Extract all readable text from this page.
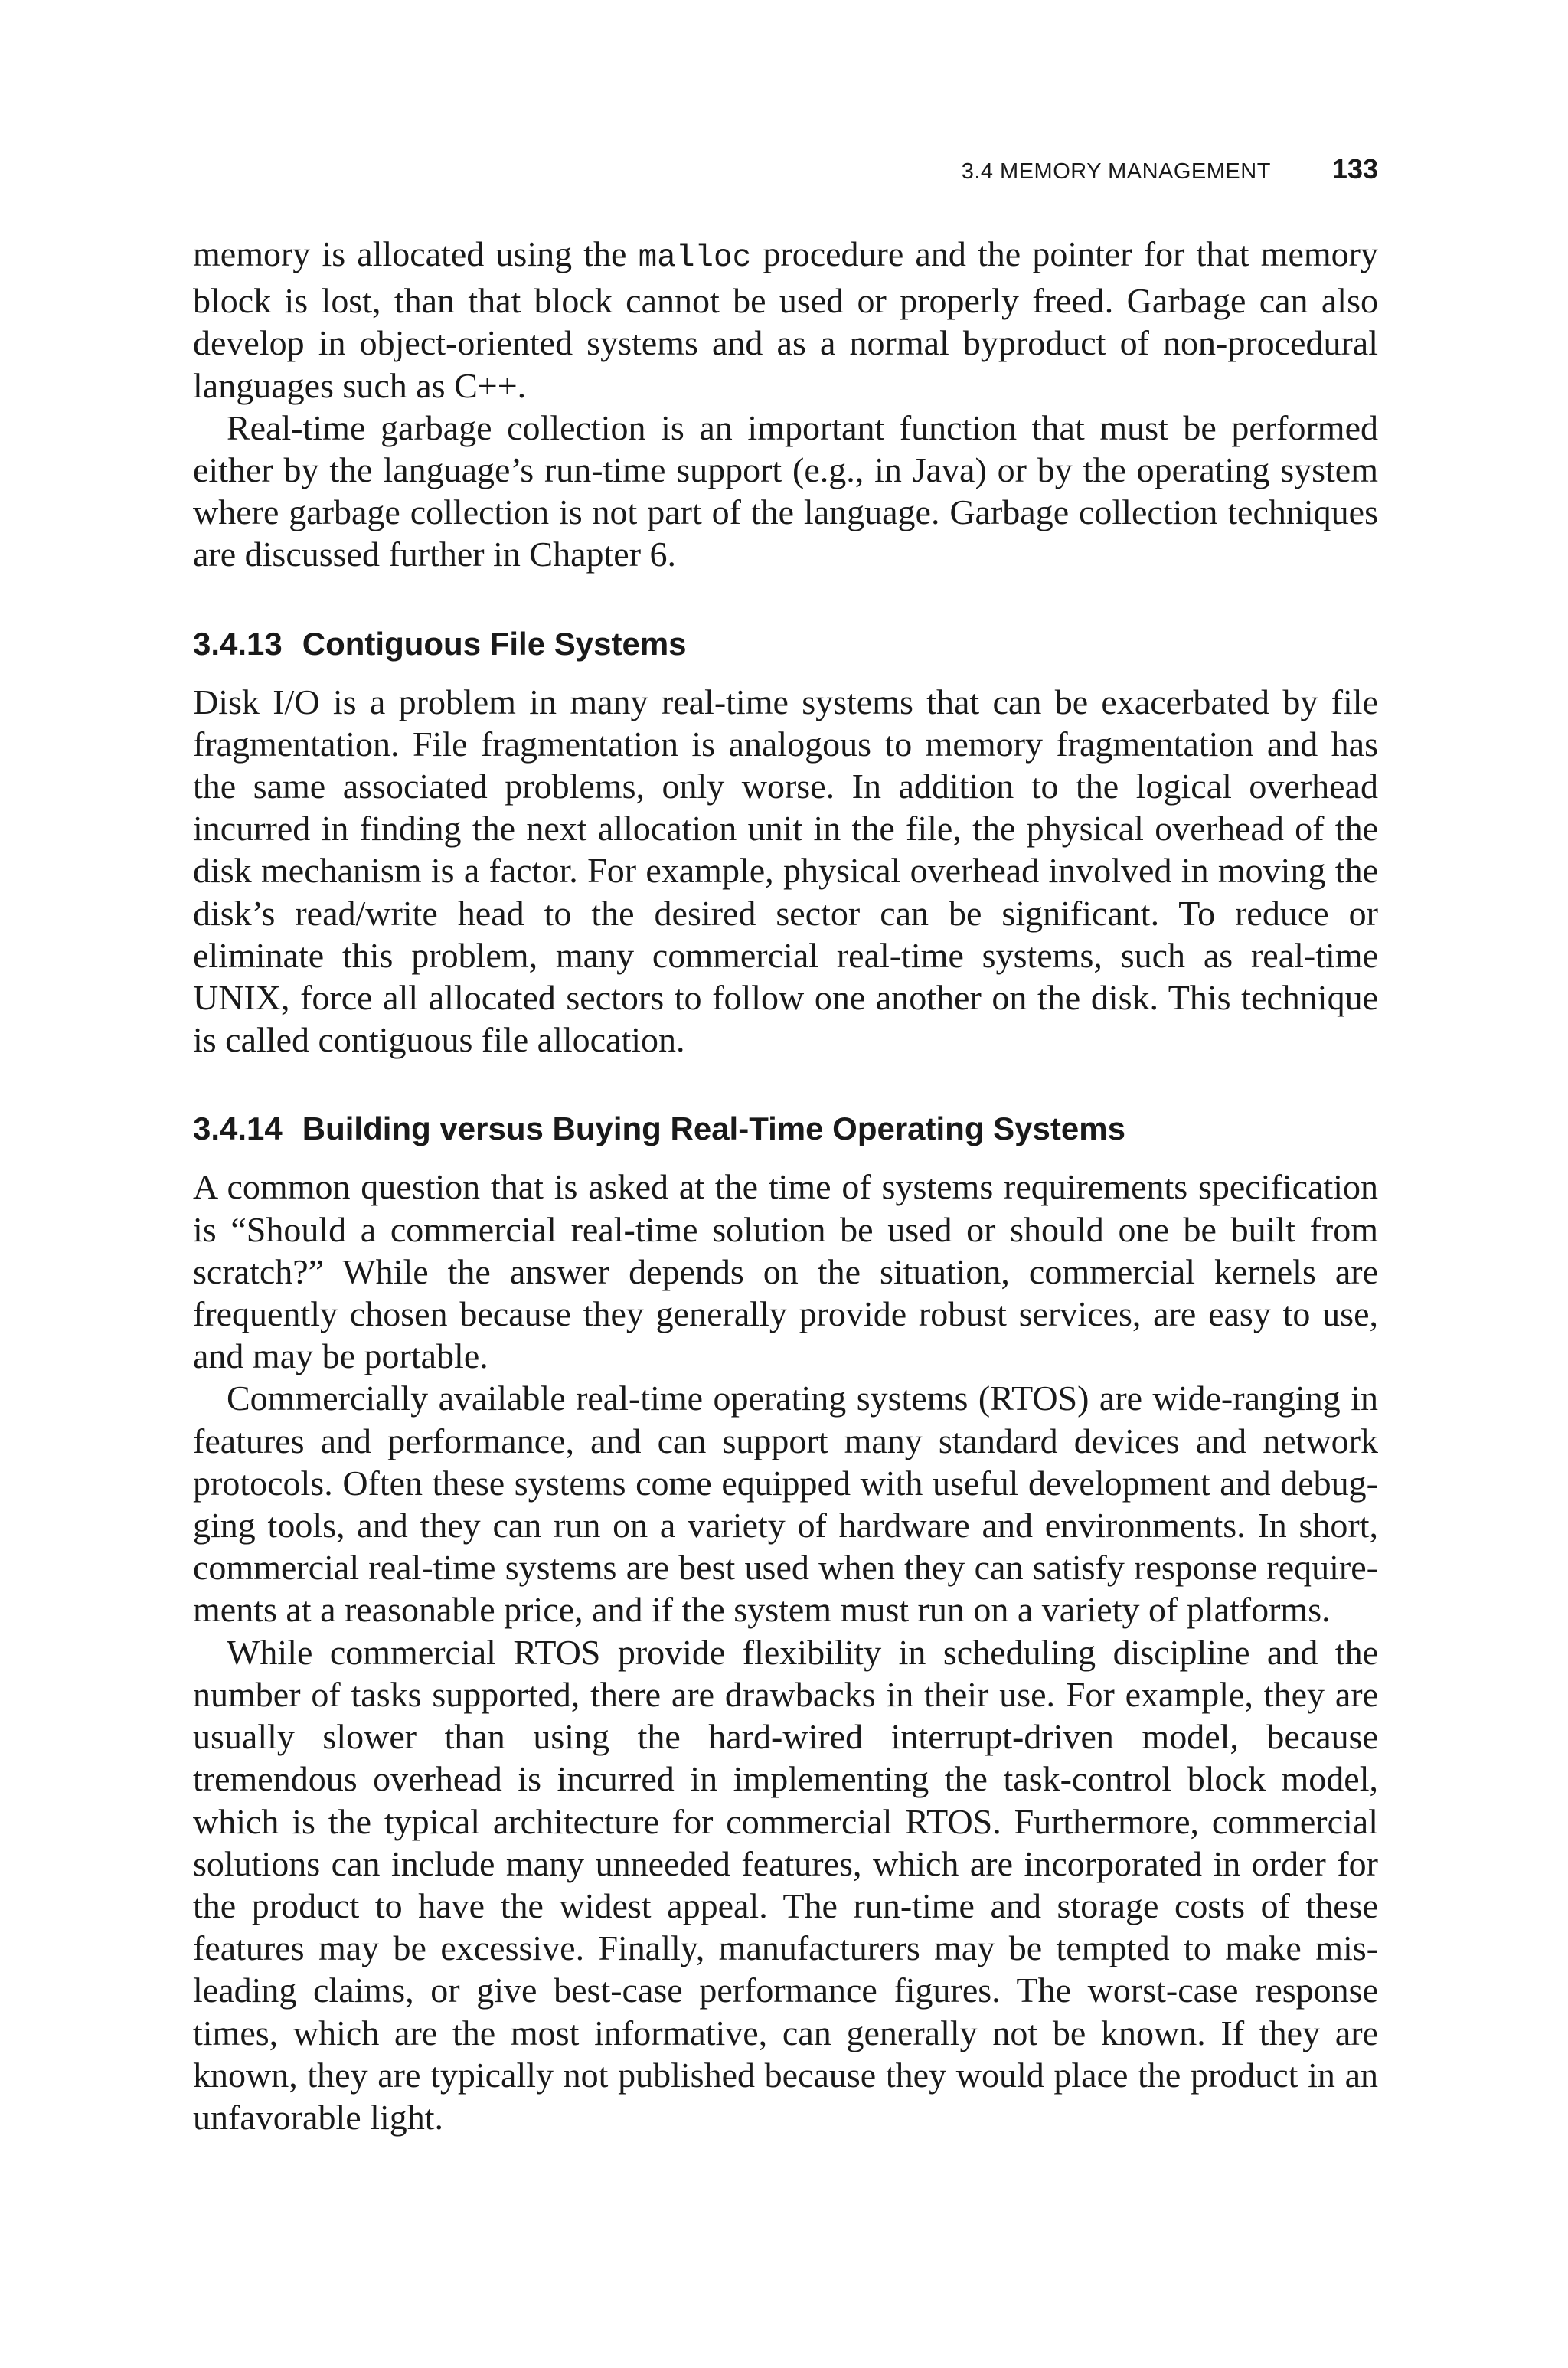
3.4 MEMORY MANAGEMENT 133

memory is allocated using the malloc procedure and the pointer for that memory block is lost, than that block cannot be used or properly freed. Garbage can also develop in object-oriented systems and as a normal byproduct of non-procedural languages such as C++.

Real-time garbage collection is an important function that must be performed either by the language’s run-time support (e.g., in Java) or by the operating system where garbage collection is not part of the language. Garbage collection techniques are discussed further in Chapter 6.

3.4.13 Contiguous File Systems

Disk I/O is a problem in many real-time systems that can be exacerbated by file fragmentation. File fragmentation is analogous to memory fragmentation and has the same associated problems, only worse. In addition to the logical overhead incurred in finding the next allocation unit in the file, the physical overhead of the disk mechanism is a factor. For example, physical overhead involved in moving the disk’s read/write head to the desired sector can be significant. To reduce or eliminate this problem, many commercial real-time systems, such as real-time UNIX, force all allocated sectors to follow one another on the disk. This technique is called contiguous file allocation.

3.4.14 Building versus Buying Real-Time Operating Systems

A common question that is asked at the time of systems requirements specification is “Should a commercial real-time solution be used or should one be built from scratch?” While the answer depends on the situation, commercial kernels are frequently chosen because they generally provide robust services, are easy to use, and may be portable.

Commercially available real-time operating systems (RTOS) are wide-ranging in features and performance, and can support many standard devices and network protocols. Often these systems come equipped with useful development and debugging tools, and they can run on a variety of hardware and environments. In short, commercial real-time systems are best used when they can satisfy response requirements at a reasonable price, and if the system must run on a variety of platforms.

While commercial RTOS provide flexibility in scheduling discipline and the number of tasks supported, there are drawbacks in their use. For example, they are usually slower than using the hard-wired interrupt-driven model, because tremendous overhead is incurred in implementing the task-control block model, which is the typical architecture for commercial RTOS. Furthermore, commercial solutions can include many unneeded features, which are incorporated in order for the product to have the widest appeal. The run-time and storage costs of these features may be excessive. Finally, manufacturers may be tempted to make misleading claims, or give best-case performance figures. The worst-case response times, which are the most informative, can generally not be known. If they are known, they are typically not published because they would place the product in an unfavorable light.
